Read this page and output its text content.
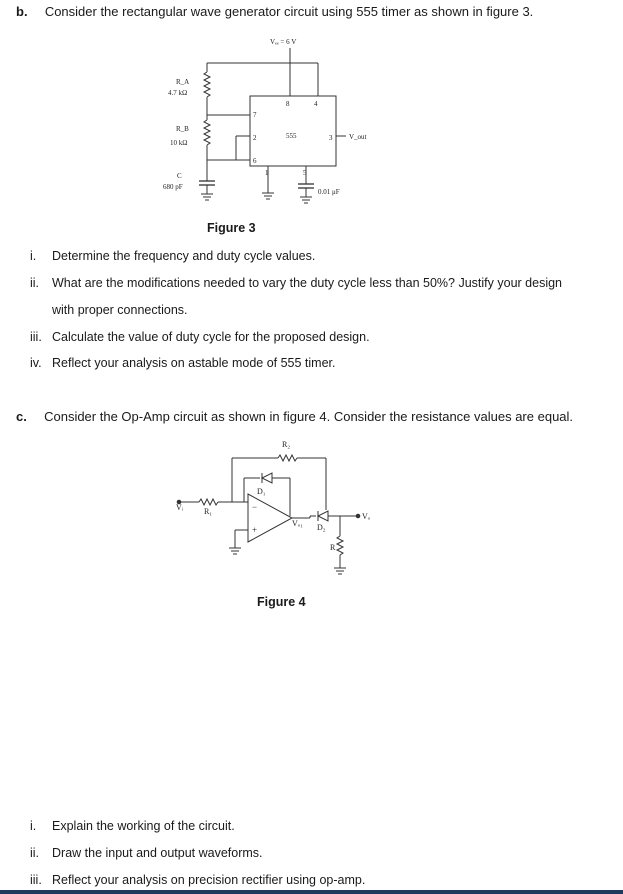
b. Consider the rectangular wave generator circuit using 555 timer as shown in figure 3.
Vₑₑ = 6 V
R_A
4.7 kΩ
R_B
10 kΩ
C
680 pF
555
0.01 μF
V_out
8	4
7
2	3
6
1	5
Figure 3
i. Determine the frequency and duty cycle values.
ii. What are the modifications needed to vary the duty cycle less than 50%? Justify your design
with proper connections.
iii. Calculate the value of duty cycle for the proposed design.
iv. Reflect your analysis on astable mode of 555 timer.
c. Consider the Op-Amp circuit as shown in figure 4. Consider the resistance values are equal.
R₂
D₁
Vᵢ	R₁
Vₒ₁ D₂
Vₒ
R
−
+
Figure 4
i. Explain the working of the circuit.
ii. Draw the input and output waveforms.
iii. Reflect your analysis on precision rectifier using op-amp.
